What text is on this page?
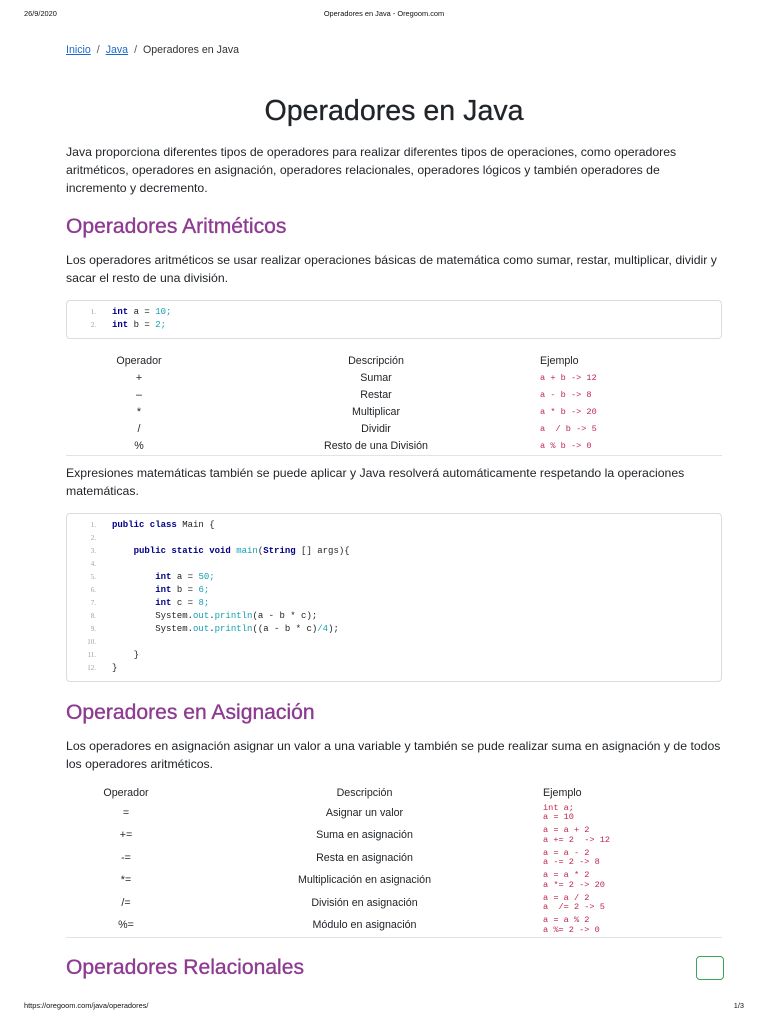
26/9/2020	Operadores en Java - Oregoom.com
Inicio / Java / Operadores en Java
Operadores en Java

Java proporciona diferentes tipos de operadores para realizar diferentes tipos de operaciones, como operadores aritméticos, operadores en asignación, operadores relacionales, operadores lógicos y también operadores de incremento y decremento.

Operadores Aritméticos

Los operadores aritméticos se usar realizar operaciones básicas de matemática como sumar, restar, multiplicar, dividir y sacar el resto de una división.

1. int a = 10;
2. int b = 2;
Operador	Descripción	Ejemplo
+	Sumar	a + b -> 12
–	Restar	a - b -> 8
*	Multiplicar	a * b -> 20
/	Dividir	a  / b -> 5
%	Resto de una División	a % b -> 0

Expresiones matemáticas también se puede aplicar y Java resolverá automáticamente respetando la operaciones matemáticas.

1. public class Main {
2.
3.	public static void main(String [] args){
4.
5.	int a = 50;
6.	int b = 6;
7.	int c = 8;
8. System.out.println(a - b * c);
9. System.out.println((a - b * c)/4);
10.
11. }
12. }
Operadores en Asignación

Los operadores en asignación asignar un valor a una variable y también se pude realizar suma en asignación y de todos los operadores aritméticos.

Operador	Descripción	Ejemplo
=	Asignar un valor	int a;
a = 10
+=	Suma en asignación	a = a + 2
a += 2  -> 12
-=	Resta en asignación	a = a - 2
a -= 2 -> 8
*=	Multiplicación en asignación	a = a * 2
a *= 2 -> 20
/=	División en asignación	a = a / 2
a  /= 2 -> 5
%=	Módulo en asignación	a = a % 2
a %= 2 -> 0
Operadores Relacionales
https://oregoom.com/java/operadores/	1/3
